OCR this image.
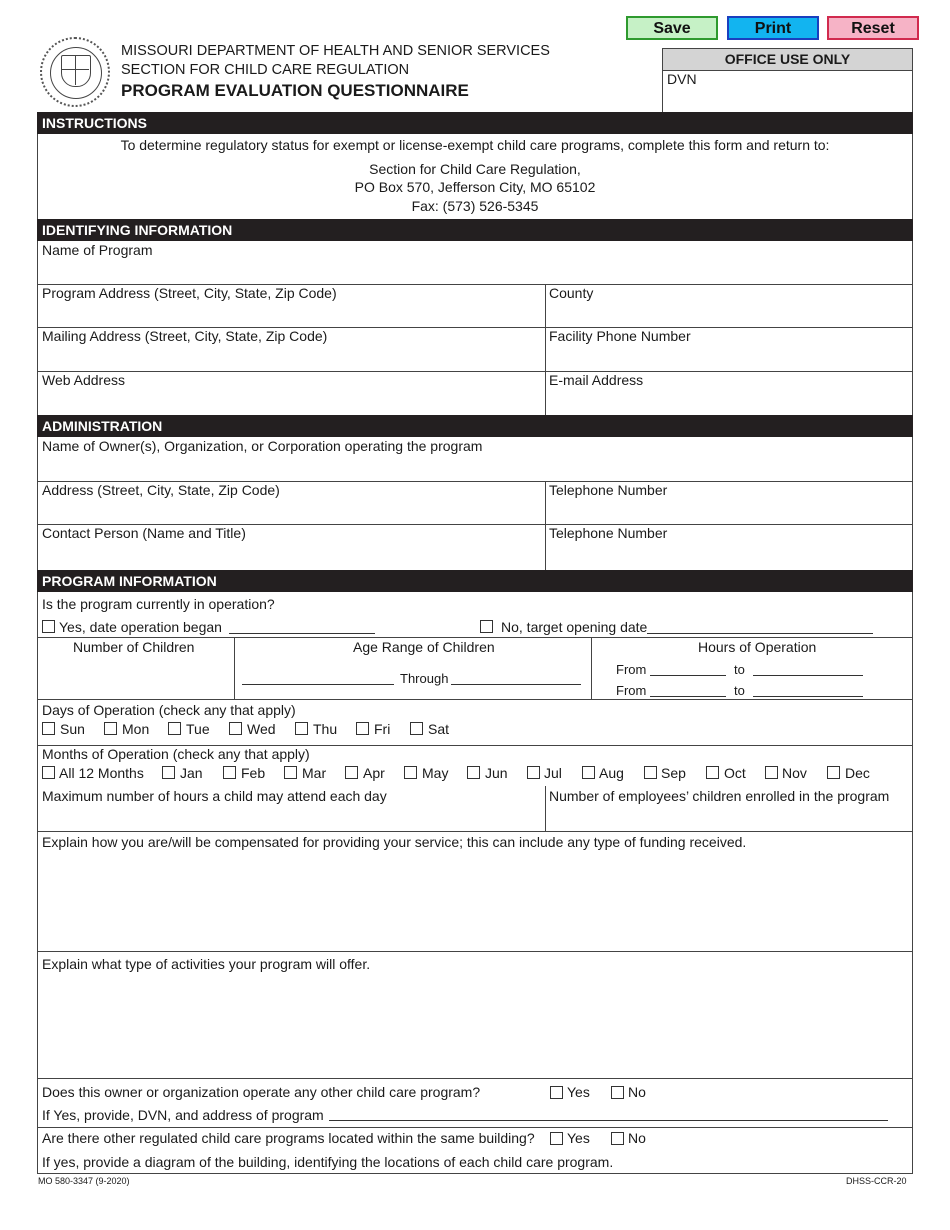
Save	Print	Reset
MISSOURI DEPARTMENT OF HEALTH AND SENIOR SERVICES
SECTION FOR CHILD CARE REGULATION
PROGRAM EVALUATION QUESTIONNAIRE
OFFICE USE ONLY
DVN
INSTRUCTIONS
To determine regulatory status for exempt or license-exempt child care programs, complete this form and return to:
Section for Child Care Regulation,
PO Box 570, Jefferson City, MO 65102
Fax: (573) 526-5345
IDENTIFYING INFORMATION
Name of Program
Program Address (Street, City, State, Zip Code)	County
Mailing Address (Street, City, State, Zip Code)	Facility Phone Number
Web Address	E-mail Address
ADMINISTRATION
Name of Owner(s), Organization, or Corporation operating the program
Address (Street, City, State, Zip Code)	Telephone Number
Contact Person (Name and Title)	Telephone Number
PROGRAM INFORMATION
Is the program currently in operation?
Yes, date operation began	No, target opening date
Number of Children	Age Range of Children
Through
Hours of Operation
From	to
From	to
Days of Operation (check any that apply)
Sun	Mon	Tue	Wed	Thu	Fri	Sat
Months of Operation (check any that apply)
All 12 Months	Jan	Feb	Mar	Apr	May	Jun	Jul	Aug	Sep	Oct	Nov	Dec
Maximum number of hours a child may attend each day	Number of employees’ children enrolled in the program
Explain how you are/will be compensated for providing your service; this can include any type of funding received.
Explain what type of activities your program will offer.
Does this owner or organization operate any other child care program?	Yes	No
If Yes, provide, DVN, and address of program
Are there other regulated child care programs located within the same building? Yes	No
If yes, provide a diagram of the building, identifying the locations of each child care program.
MO 580-3347 (9-2020)	DHSS-CCR-20
